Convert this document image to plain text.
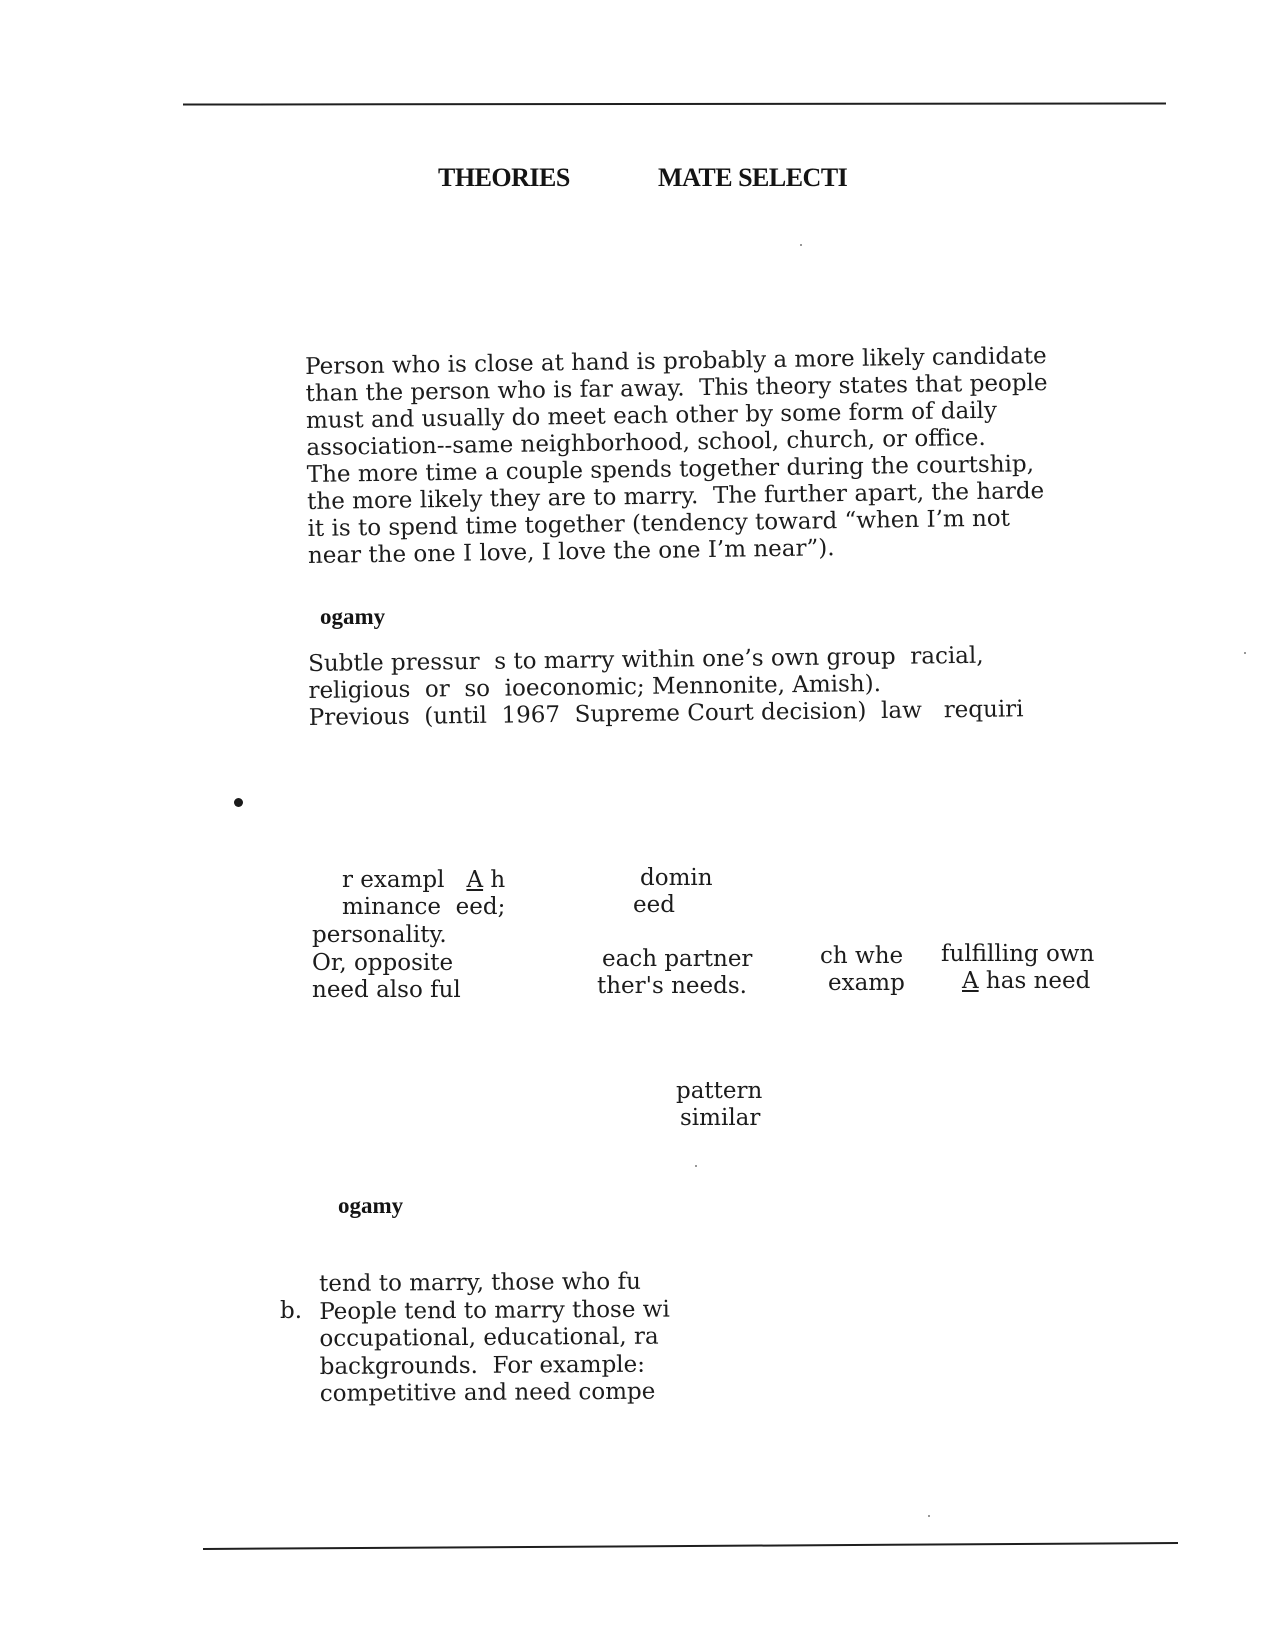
THEORIES	MATE SELECTI
Person who is close at hand is probably a more likely candidate
than the person who is far away.  This theory states that people
must and usually do meet each other by some form of daily
association--same neighborhood, school, church, or office.
The more time a couple spends together during the courtship,
the more likely they are to marry.  The further apart, the harde
it is to spend time together (tendency toward “when I’m not
near the one I love, I love the one I’m near”).
ogamy
Subtle pressur  s to marry within one’s own group  racial,
religious  or  so  ioeconomic; Mennonite, Amish).
Previous  (until  1967  Supreme Court decision)  law   requiri
r exampl A h	domin
minance  eed;	eed
personality.
Or, opposite	each partner	ch whe fulfilling own
need also ful	ther's needs.	examp A has need
pattern
similar
ogamy
b.
tend to marry, those who fu
People tend to marry those wi
occupational, educational, ra
backgrounds.  For example:
competitive and need compe
